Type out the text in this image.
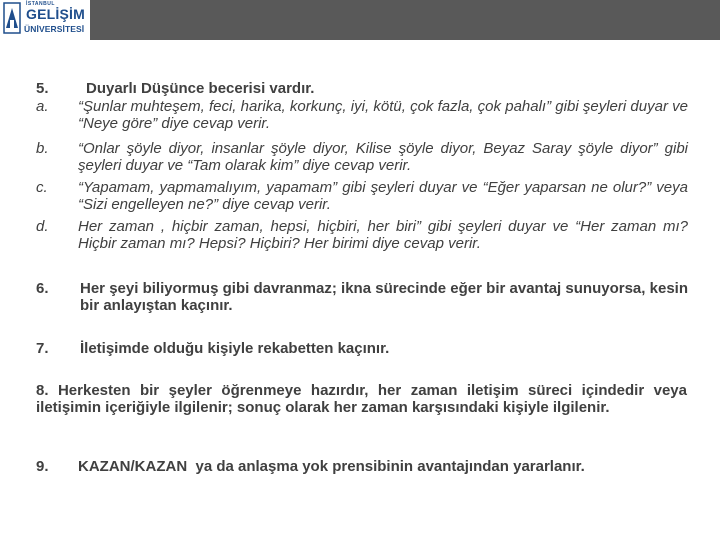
İSTANBUL
GELİŞİM
ÜNİVERSİTESİ
5. Duyarlı Düşünce becerisi vardır.
a. “Şunlar muhteşem, feci, harika, korkunç, iyi, kötü, çok fazla, çok pahalı” gibi şeyleri duyar ve “Neye göre” diye cevap verir.
b. “Onlar şöyle diyor, insanlar şöyle diyor, Kilise şöyle diyor, Beyaz Saray şöyle diyor” gibi şeyleri duyar ve “Tam olarak kim” diye cevap verir.
c. “Yapamam, yapmamalıyım, yapamam” gibi şeyleri duyar ve “Eğer yaparsan ne olur?” veya “Sizi engelleyen ne?” diye cevap verir.
d. Her zaman , hiçbir zaman, hepsi, hiçbiri, her biri” gibi şeyleri duyar ve “Her zaman mı? Hiçbir zaman mı? Hepsi? Hiçbiri? Her birimi diye cevap verir.
6. Her şeyi biliyormuş gibi davranmaz; ikna sürecinde eğer bir avantaj sunuyorsa, kesin bir anlayıştan kaçınır.
7. İletişimde olduğu kişiyle rekabetten kaçınır.
8. Herkesten bir şeyler öğrenmeye hazırdır, her zaman iletişim süreci içindedir veya iletişimin içeriğiyle ilgilenir; sonuç olarak her zaman karşısındaki kişiyle ilgilenir.
9. KAZAN/KAZAN  ya da anlaşma yok prensibinin avantajından yararlanır.
